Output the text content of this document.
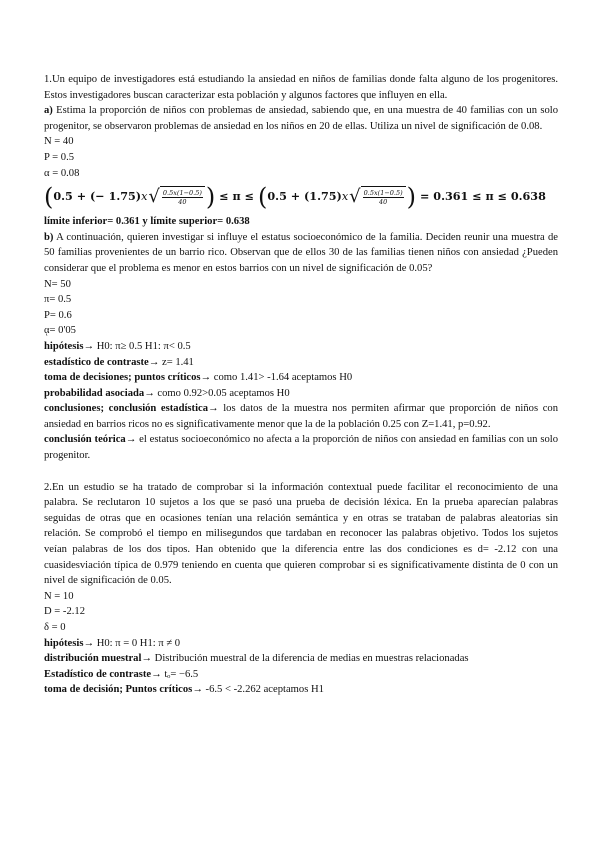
1.Un equipo de investigadores está estudiando la ansiedad en niños de familias donde falta alguno de los progenitores. Estos investigadores buscan caracterizar esta población y algunos factores que influyen en ella.

a) Estima la proporción de niños con problemas de ansiedad, sabiendo que, en una muestra de 40 familias con un solo progenitor, se observaron problemas de ansiedad en los niños en 20 de ellas. Utiliza un nivel de significación de 0.08.

N = 40

P = 0.5

α = 0.08

( 0.5 + (− 1.75) x √ $\frac{0.5x(1-0.5)}{40}$ ) ≤ π ≤ ( 0.5 + (1.75) x √ $\frac{0.5x(1-0.5)}{40}$ ) = 0.361 ≤ π ≤ 0.638

límite inferior= 0.361 y límite superior= 0.638

b) A continuación, quieren investigar si influye el estatus socioeconómico de la familia. Deciden reunir una muestra de 50 familias provenientes de un barrio rico. Observan que de ellos 30 de las familias tienen niños con ansiedad ¿Pueden considerar que el problema es menor en estos barrios con un nivel de significación de 0.05?

N= 50

π= 0.5

P= 0.6

ᾳ= 0'05

hipótesis→ H0: π≥ 0.5 H1: π< 0.5

estadístico de contraste→ z= 1.41

toma de decisiones; puntos críticos→ como 1.41> -1.64 aceptamos H0

probabilidad asociada→ como 0.92>0.05 aceptamos H0

conclusiones; conclusión estadística→ los datos de la muestra nos permiten afirmar que proporción de niños con ansiedad en barrios ricos no es significativamente menor que la de la población 0.25 con Z=1.41, p=0.92.

conclusión teórica→ el estatus socioeconómico no afecta a la proporción de niños con ansiedad en familias con un solo progenitor.

2.En un estudio se ha tratado de comprobar si la información contextual puede facilitar el reconocimiento de una palabra. Se reclutaron 10 sujetos a los que se pasó una prueba de decisión léxica. En la prueba aparecían palabras seguidas de otras que en ocasiones tenían una relación semántica y en otras se trataban de palabras aleatorias sin relación. Se comprobó el tiempo en milisegundos que tardaban en reconocer las palabras objetivo. Todos los sujetos veían palabras de los dos tipos. Han obtenido que la diferencia entre las dos condiciones es d= -2.12 con una cuasidesviación típica de 0.979 teniendo en cuenta que quieren comprobar si es significativamente distinta de 0 con un nivel de significación de 0.05.

N = 10

D = -2.12

δ = 0

hipótesis→ H0: π = 0 H1: π ≠ 0

distribución muestral→ Distribución muestral de la diferencia de medias en muestras relacionadas

Estadístico de contraste→ tₒ= −6.5

toma de decisión; Puntos críticos→ -6.5 < -2.262 aceptamos H1
